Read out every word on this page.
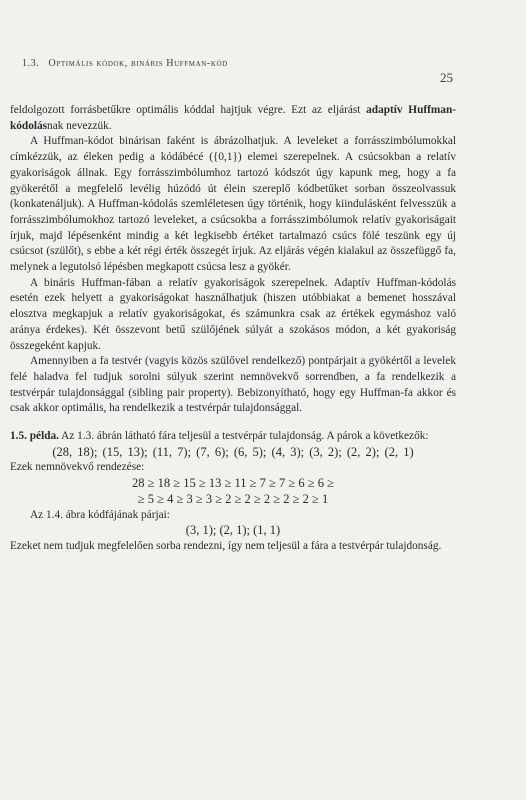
1.3. Optimális kódok, bináris Huffman-kód
25

feldolgozott forrásbetűkre optimális kóddal hajtjuk végre. Ezt az eljárást adaptív Huffman-kódolásnak nevezzük.

A Huffman-kódot binárisan faként is ábrázolhatjuk. A leveleket a forrásszimbólumokkal címkézzük, az éleken pedig a kódábécé ({0,1}) elemei szerepelnek. A csúcsokban a relatív gyakoriságok állnak. Egy forrásszimbólumhoz tartozó kódszót úgy kapunk meg, hogy a fa gyökerétől a megfelelő levélig húzódó út élein szereplő kódbetűket sorban összeolvassuk (konkatenáljuk). A Huffman-kódolás szemléletesen úgy történik, hogy kiindulásként felvesszük a forrásszimbólumokhoz tartozó leveleket, a csúcsokba a forrásszimbólumok relatív gyakoriságait írjuk, majd lépésenként mindig a két legkisebb értéket tartalmazó csúcs fölé teszünk egy új csúcsot (szülőt), s ebbe a két régi érték összegét írjuk. Az eljárás végén kialakul az összefüggő fa, melynek a legutolsó lépésben megkapott csúcsa lesz a gyökér.

A bináris Huffman-fában a relatív gyakoriságok szerepelnek. Adaptív Huffman-kódolás esetén ezek helyett a gyakoriságokat használhatjuk (hiszen utóbbiakat a bemenet hosszával elosztva megkapjuk a relatív gyakoriságokat, és számunkra csak az értékek egymáshoz való aránya érdekes). Két összevont betű szülőjének súlyát a szokásos módon, a két gyakoriság összegeként kapjuk.

Amennyiben a fa testvér (vagyis közös szülővel rendelkező) pontpárjait a gyökértől a levelek felé haladva fel tudjuk sorolni súlyuk szerint nemnövekvő sorrendben, a fa rendelkezik a testvérpár tulajdonsággal (sibling pair property). Bebizonyítható, hogy egy Huffman-fa akkor és csak akkor optimális, ha rendelkezik a testvérpár tulajdonsággal.

1.5. példa. Az 1.3. ábrán látható fára teljesül a testvérpár tulajdonság. A párok a következők:

(28, 18); (15, 13); (11, 7); (7, 6); (6, 5); (4, 3); (3, 2); (2, 2); (2, 1)

Ezek nemnövekvő rendezése:

28 ≥ 18 ≥ 15 ≥ 13 ≥ 11 ≥ 7 ≥ 7 ≥ 6 ≥ 6 ≥

≥ 5 ≥ 4 ≥ 3 ≥ 3 ≥ 2 ≥ 2 ≥ 2 ≥ 2 ≥ 2 ≥ 1

Az 1.4. ábra kódfájának párjai:

(3, 1); (2, 1); (1, 1)

Ezeket nem tudjuk megfelelően sorba rendezni, így nem teljesül a fára a testvérpár tulajdonság.
